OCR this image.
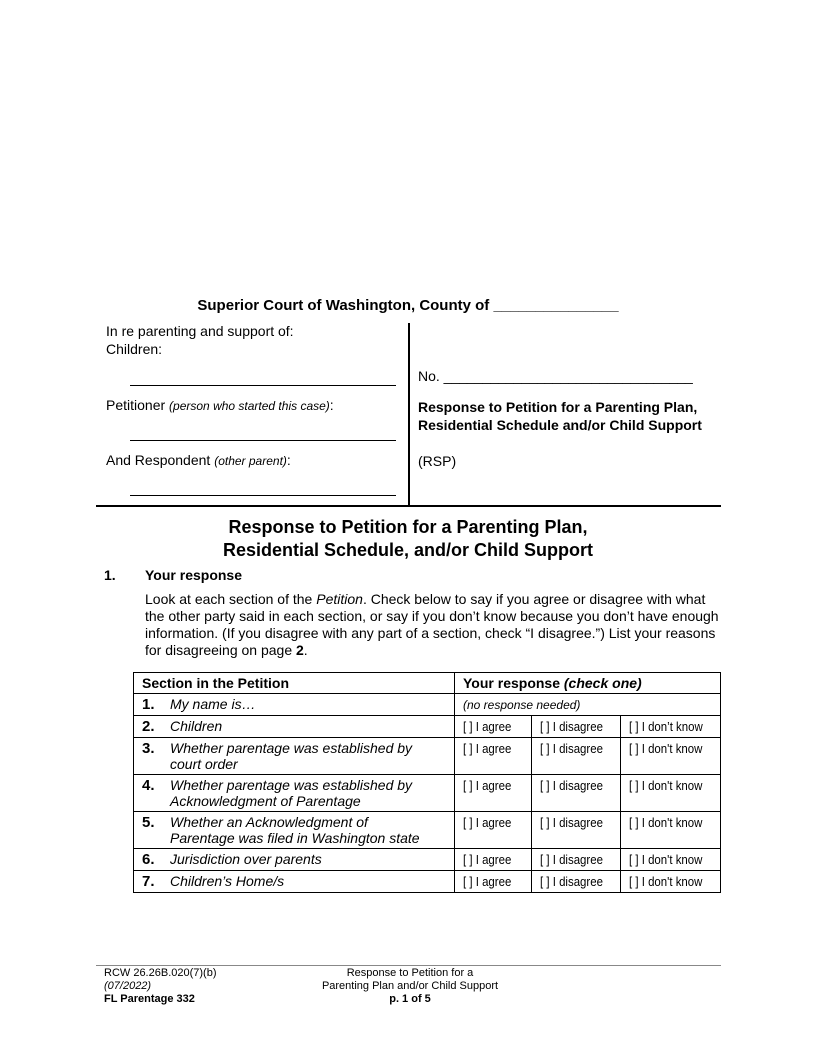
Superior Court of Washington, County of _______________
In re parenting and support of:
Children:
Petitioner (person who started this case):
And Respondent (other parent):
No. ________________________________
Response to Petition for a Parenting Plan, Residential Schedule and/or Child Support
(RSP)
Response to Petition for a Parenting Plan,
Residential Schedule, and/or Child Support
1. Your response
Look at each section of the Petition. Check below to say if you agree or disagree with what the other party said in each section, or say if you don’t know because you don’t have enough information. (If you disagree with any part of a section, check “I disagree.”) List your reasons for disagreeing on page 2.
Section in the Petition	Your response (check one)		
1. My name is…	(no response needed)		
2. Children	[ ] I agree	[ ] I disagree	[ ] I don’t know
3. Whether parentage was established by court order	[ ] I agree	[ ] I disagree	[ ] I don't know
4. Whether parentage was established by Acknowledgment of Parentage	[ ] I agree	[ ] I disagree	[ ] I don't know
5. Whether an Acknowledgment of Parentage was filed in Washington state	[ ] I agree	[ ] I disagree	[ ] I don't know
6. Jurisdiction over parents	[ ] I agree	[ ] I disagree	[ ] I don't know
7. Children’s Home/s	[ ] I agree	[ ] I disagree	[ ] I don't know
RCW 26.26B.020(7)(b)
(07/2022)
FL Parentage 332
Response to Petition for a
Parenting Plan and/or Child Support
p. 1 of 5
